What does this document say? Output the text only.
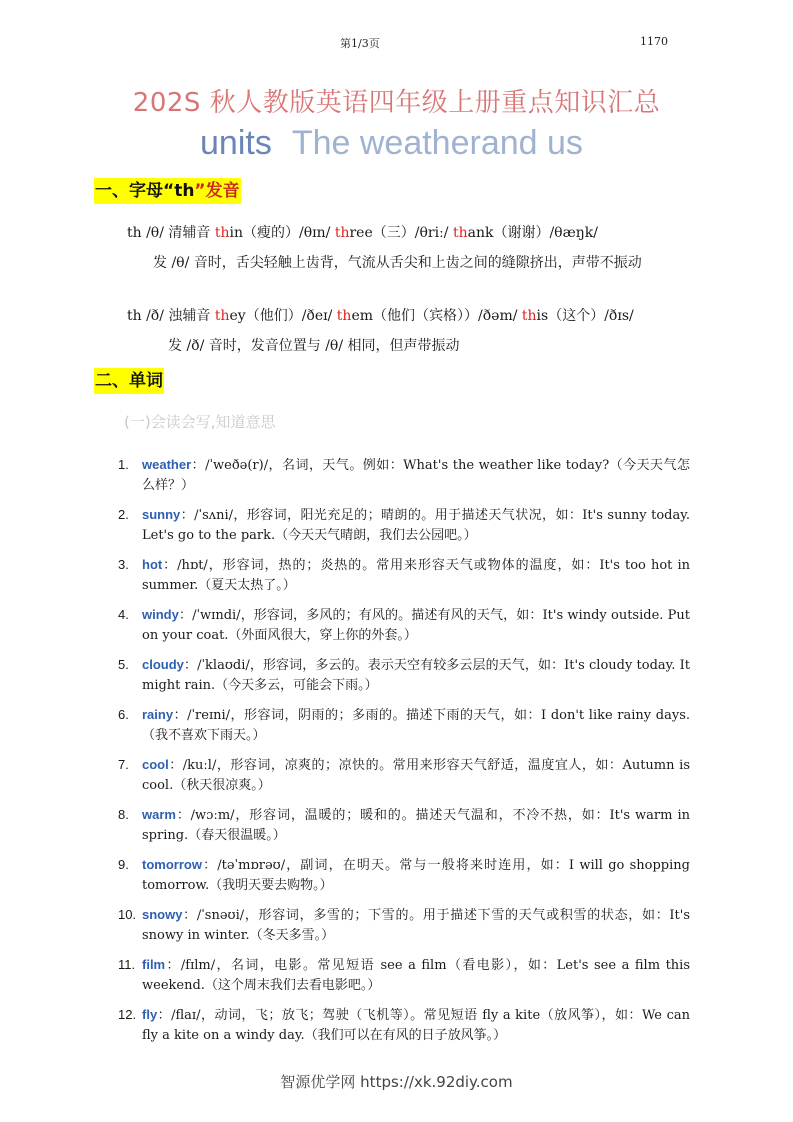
第1/3页	1170
202S 秋人教版英语四年级上册重点知识汇总
units The weatherand us
一、字母“th”发音
th /θ/ 清辅音 thin（瘦的）/θɪn/ three（三）/θriː/ thank（谢谢）/θæŋk/
发 /θ/ 音时，舌尖轻触上齿背，气流从舌尖和上齿之间的缝隙挤出，声带不振动
th /ð/ 浊辅音 they（他们）/ðeɪ/ them（他们（宾格））/ðəm/ this（这个）/ðɪs/
发 /ð/ 音时，发音位置与 /θ/ 相同，但声带振动
二、单词
(一)会读会写,知道意思
1. weather：/ˈweðə(r)/，名词，天气。例如：What's the weather like today?（今天天气怎么样？）
2. sunny：/ˈsʌni/，形容词，阳光充足的；晴朗的。用于描述天气状况，如：It's sunny today. Let's go to the park.（今天天气晴朗，我们去公园吧。）
3. hot：/hɒt/，形容词，热的；炎热的。常用来形容天气或物体的温度，如：It's too hot in summer.（夏天太热了。）
4. windy：/ˈwɪndi/，形容词，多风的；有风的。描述有风的天气，如：It's windy outside. Put on your coat.（外面风很大，穿上你的外套。）
5. cloudy：/ˈklaʊdi/，形容词，多云的。表示天空有较多云层的天气，如：It's cloudy today. It might rain.（今天多云，可能会下雨。）
6. rainy：/ˈreɪni/，形容词，阴雨的；多雨的。描述下雨的天气，如：I don't like rainy days.（我不喜欢下雨天。）
7. cool：/kuːl/，形容词，凉爽的；凉快的。常用来形容天气舒适，温度宜人，如：Autumn is cool.（秋天很凉爽。）
8. warm：/wɔːm/，形容词，温暖的；暖和的。描述天气温和，不冷不热，如：It's warm in spring.（春天很温暖。）
9. tomorrow：/təˈmɒrəʊ/，副词，在明天。常与一般将来时连用，如：I will go shopping tomorrow.（我明天要去购物。）
10. snowy：/ˈsnəʊi/，形容词，多雪的；下雪的。用于描述下雪的天气或积雪的状态，如：It's snowy in winter.（冬天多雪。）
11. film：/fɪlm/，名词，电影。常见短语 see a film（看电影），如：Let's see a film this weekend.（这个周末我们去看电影吧。）
12. fly：/flaɪ/，动词，飞；放飞；驾驶（飞机等）。常见短语 fly a kite（放风筝），如：We can fly a kite on a windy day.（我们可以在有风的日子放风筝。）
智源优学网 https://xk.92diy.com
